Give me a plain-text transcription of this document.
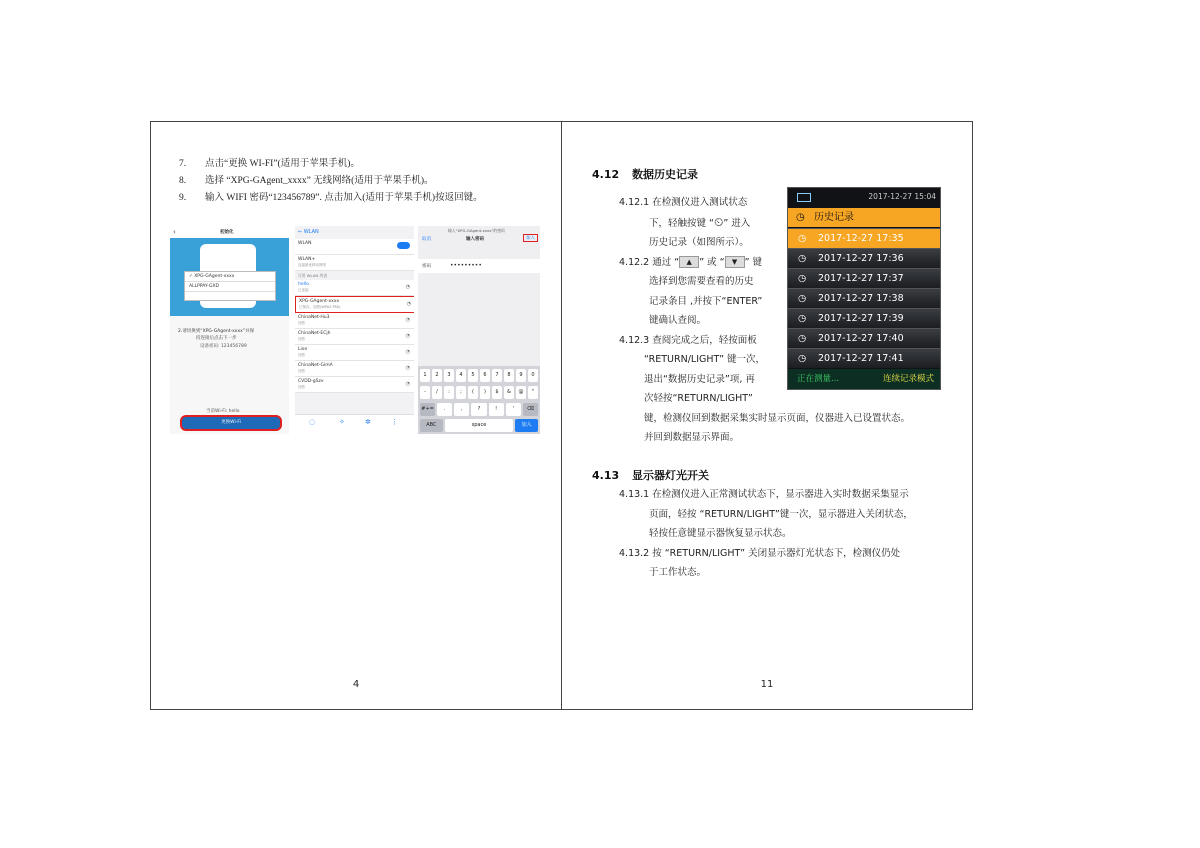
7. 点击“更换 WI-FI”(适用于苹果手机)。
8. 选择 “XPG-GAgent_xxxx” 无线网络(适用于苹果手机)。
9. 输入 WIFI 密码“123456789”. 点击加入(适用于苹果手机)按返回键。
‹	初始化
✓ XPG-GAgent-xxxx
ALLPPAY-GXD
2.请切换到“XPG-GAgent-xxxx”并保
持连接后点击下一步
设备密码: 123456789
当前Wi-Fi: hello
更换Wi-Fi
← WLAN
WLAN
WLAN+
连接最优移动网络
可用 WLAN 列表
hello
已连接	◔
XPG-GAgent-xxxx
已保存，加密(WPA2 PSK)	◔
ChinaNet-Hu3
加密	◔
ChinaNet-ECjh
加密	◔
Lion
加密	◔
ChinaNet-GimA
加密	◔
CVDD-gSzv
加密	◔
◌	✧	✲	⋮
输入“XPG-GAgent-xxxx”的密码
取消	输入密码	加入
密码	•••••••••
1	2	3	4	5	6	7	8	9	0
-	/	:	;	(	)	$	&	@	"
#+=	.	,	?	!	'	⌫
ABC	space	加入
4
4.12 数据历史记录
4.12.1 在检测仪进入测试状态
下，轻触按键 “⏲” 进入
历史记录（如图所示）。
4.12.2 通过 “ ▲ ” 或 “ ▼ ” 键
选择到您需要查看的历史
记录条目 ,并按下“ENTER”
键确认查阅。
4.12.3 查阅完成之后，轻按面板
“RETURN/LIGHT” 键一次，
退出“数据历史记录”项, 再
次轻按“RETURN/LIGHT”
键，检测仪回到数据采集实时显示页面，仪器进入已设置状态。
并回到数据显示界面。
2017-12-27 15:04
◷ 历史记录
◷ 2017-12-27 17:35
◷ 2017-12-27 17:36
◷ 2017-12-27 17:37
◷ 2017-12-27 17:38
◷ 2017-12-27 17:39
◷ 2017-12-27 17:40
◷ 2017-12-27 17:41
正在测量...	连续记录模式
4.13 显示器灯光开关
4.13.1 在检测仪进入正常测试状态下，显示器进入实时数据采集显示
页面，轻按 “RETURN/LIGHT”键一次，显示器进入关闭状态，
轻按任意键显示器恢复显示状态。
4.13.2 按 “RETURN/LIGHT” 关闭显示器灯光状态下，检测仪仍处
于工作状态。
11
